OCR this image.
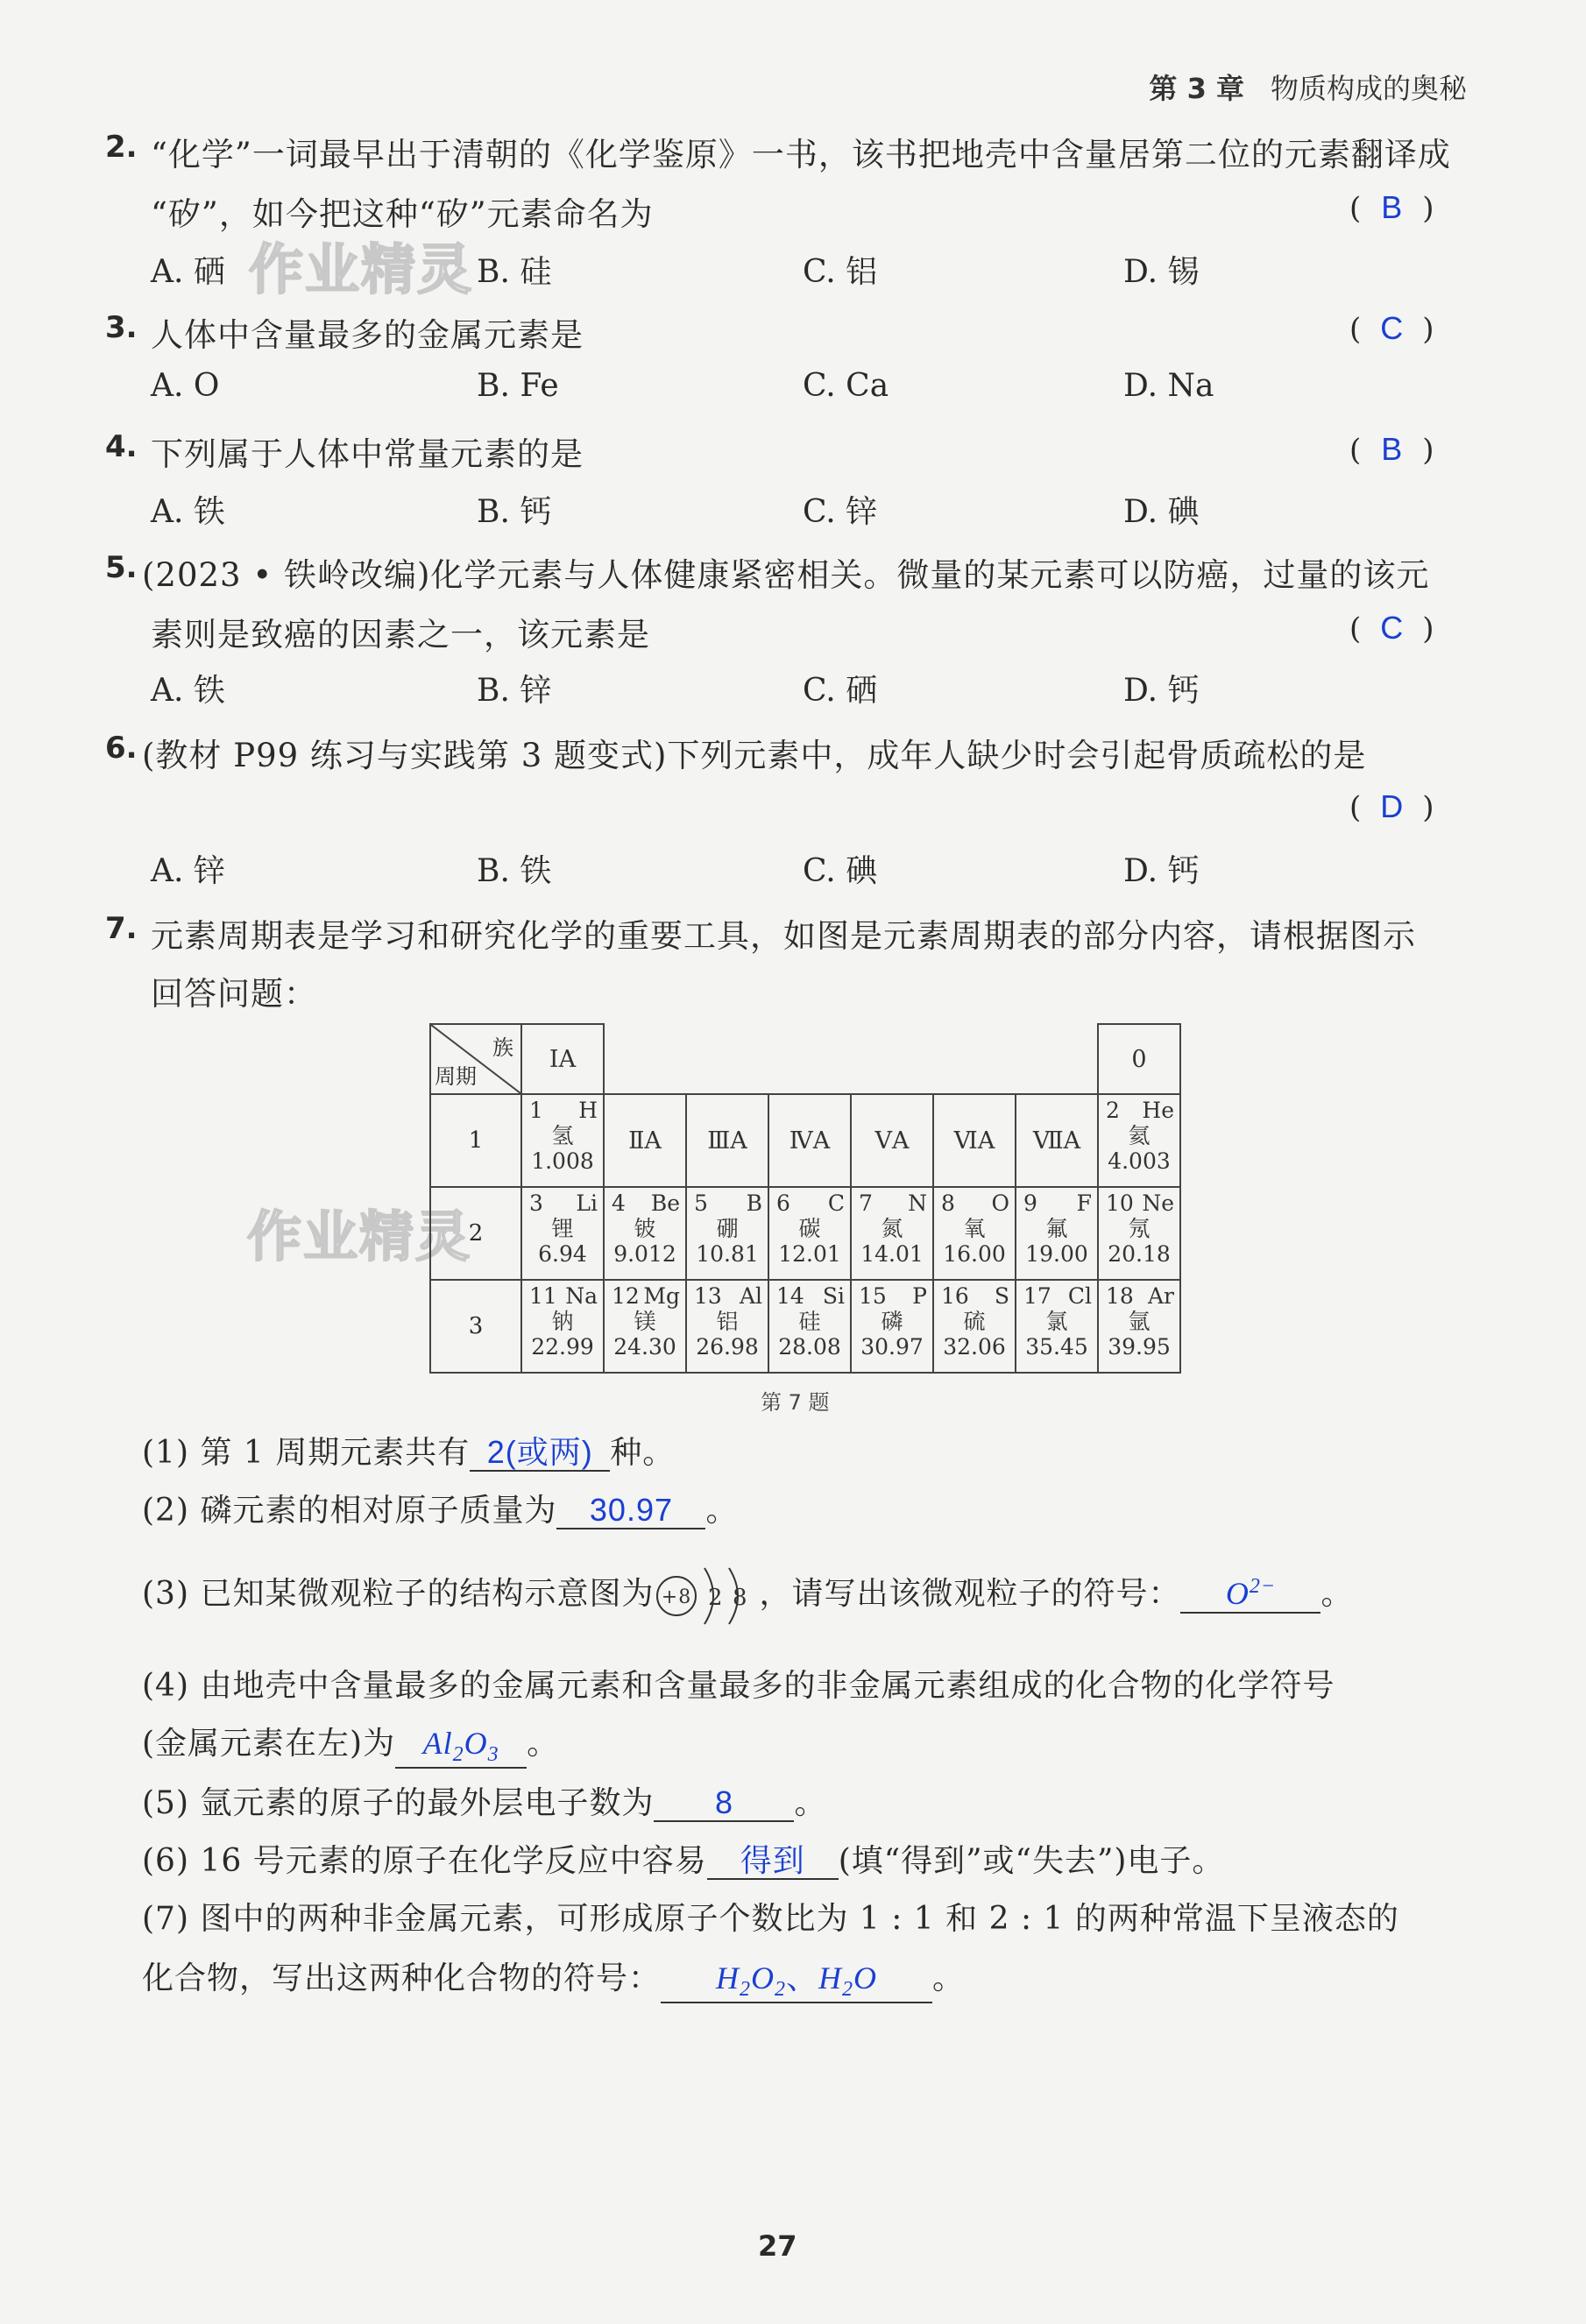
第 3 章 物质构成的奥秘
作业精灵
作业精灵
2. “化学”一词最早出于清朝的《化学鉴原》一书，该书把地壳中含量居第二位的元素翻译成
“矽”，如今把这种“矽”元素命名为	( B )
A. 硒	B. 硅	C. 铝	D. 锡
3. 人体中含量最多的金属元素是	( C )
A. O	B. Fe	C. Ca	D. Na
4. 下列属于人体中常量元素的是	( B )
A. 铁	B. 钙	C. 锌	D. 碘
5. (2023 • 铁岭改编)化学元素与人体健康紧密相关。微量的某元素可以防癌，过量的该元
素则是致癌的因素之一，该元素是	( C )
A. 铁	B. 锌	C. 硒	D. 钙
6. (教材 P99 练习与实践第 3 题变式)下列元素中，成年人缺少时会引起骨质疏松的是
( D )
A. 锌	B. 铁	C. 碘	D. 钙
7. 元素周期表是学习和研究化学的重要工具，如图是元素周期表的部分内容，请根据图示
回答问题：
族
周期	ⅠA							0
1	1 H
氢
1.008	ⅡA	ⅢA	ⅣA	ⅤA	ⅥA	ⅦA	2 He
氦
4.003

2	3 Li
锂
6.94	4 Be
铍
9.012	5 B
硼
10.81	6 C
碳
12.01	7 N
氮
14.01	8 O
氧
16.00	9 F
氟
19.00	10 Ne
氖
20.18

3	11 Na
钠
22.99	12 Mg
镁
24.30	13 Al
铝
26.98	14 Si
硅
28.08	15 P
磷
30.97	16 S
硫
32.06	17 Cl
氯
35.45	18 Ar
氩
39.95
第 7 题
(1) 第 1 周期元素共有 2(或两) 种。
(2) 磷元素的相对原子质量为 30.97 。
(3) 已知某微观粒子的结构示意图为 +8 2 8 ，请写出该微观粒子的符号： $O^{2-}$ 。
(4) 由地壳中含量最多的金属元素和含量最多的非金属元素组成的化合物的化学符号
(金属元素在左)为 $Al_2O_3$ 。
(5) 氩元素的原子的最外层电子数为 8 。
(6) 16 号元素的原子在化学反应中容易 得到 (填“得到”或“失去”)电子。
(7) 图中的两种非金属元素，可形成原子个数比为 1 : 1 和 2 : 1 的两种常温下呈液态的
化合物，写出这两种化合物的符号： $H_2O_2$、$H_2O$ 。
27
